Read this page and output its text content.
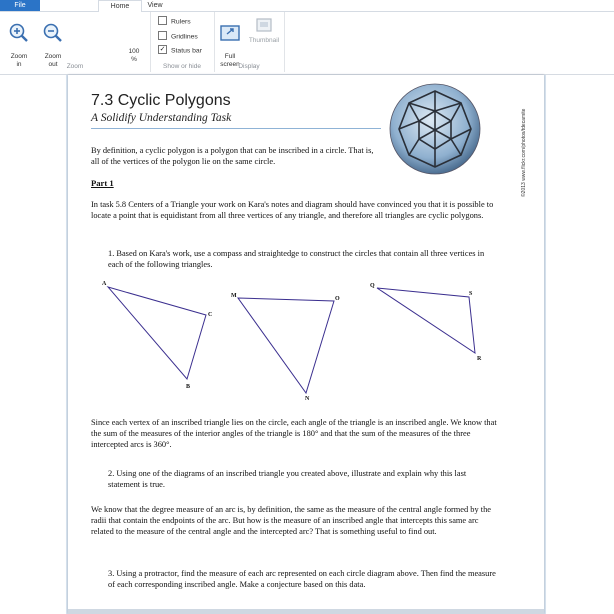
File	Home	View

Zoom
in

Zoom
out

100
%

Zoom	Show or hide
Rulers
Gridlines
✓ Status bar

Full
screen

Thumbnail
Display
7.3 Cyclic Polygons
A Solidify Understanding Task	©2013 www.flickr.com/photos/tdecamite

By definition, a cyclic polygon is a polygon that can be inscribed in a circle. That is, all of the vertices of the polygon lie on the same circle.

Part 1

In task 5.8 Centers of a Triangle your work on Kara's notes and diagram should have convinced you that it is possible to locate a point that is equidistant from all three vertices of any triangle, and therefore all triangles are cyclic polygons.

1. Based on Kara's work, use a compass and straightedge to construct the circles that contain all three vertices in each of the following triangles.

A
C
B
M	O
N
Q
S
R

Since each vertex of an inscribed triangle lies on the circle, each angle of the triangle is an inscribed angle. We know that the sum of the measures of the interior angles of the triangle is 180° and that the sum of the measures of the three intercepted arcs is 360°.

2. Using one of the diagrams of an inscribed triangle you created above, illustrate and explain why this last statement is true.

We know that the degree measure of an arc is, by definition, the same as the measure of the central angle formed by the radii that contain the endpoints of the arc. But how is the measure of an inscribed angle that intercepts this same arc related to the measure of the central angle and the intercepted arc? That is something useful to find out.

3. Using a protractor, find the measure of each arc represented on each circle diagram above. Then find the measure of each corresponding inscribed angle. Make a conjecture based on this data.
